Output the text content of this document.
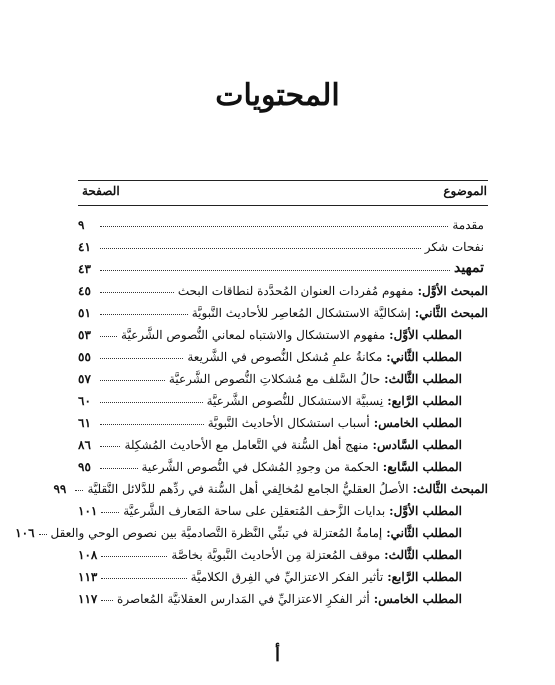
المحتويات
الموضوع
الصفحة
مقدمة
٩
نفحات شكر
٤١
تمهيد
٤٣
المبحث الأوَّل:
مفهوم مُفردات العنوان المُحدَّدة لنطاقات البحث
٤٥
المبحث الثَّاني:
إشكاليَّة الاستشكال المُعاصِر للأحاديث النَّبويَّة
٥١
المطلب الأوَّل:
مفهوم الاستشكال والاشتباه لمعاني النُّصوص الشَّرعيَّة
٥٣
المطلب الثَّاني:
مكانةُ علمِ مُشكل النُّصوص في الشَّريعة
٥٥
المطلب الثَّالث:
حالُ السَّلف مع مُشكلاتِ النُّصوص الشَّرعيَّة
٥٧
المطلب الرَّابع:
نِسبيَّة الاستشكال للنُّصوص الشَّرعيَّة
٦٠
المطلب الخامس:
أسباب استشكال الأحاديث النَّبويَّة
٦١
المطلب السَّادس:
منهج أهل السُّنة في التَّعامل مع الأحاديث المُشكِلة
٨٦
المطلب السَّابع:
الحكمة من وجودِ المُشكل في النُّصوص الشَّرعية
٩٥
المبحث الثَّالث:
الأصلُ العقليُّ الجامع لمُخالِفي أهل السُّنة في ردِّهم للدَّلائل النَّقليَّة
٩٩
المطلب الأوَّل:
بدايات الزَّحف المُتعقلِن على ساحة المَعارف الشَّرعيَّة
١٠١
المطلب الثَّاني:
إمامةُ المُعتزلة في تبنِّي النَّظرة التَّصادميَّة بين نصوص الوحي والعقل
١٠٦
المطلب الثَّالث:
موقف المُعتزلة مِن الأحاديث النَّبويَّة بخاصَّة
١٠٨
المطلب الرَّابع:
تأثير الفكر الاعتزاليِّ في الفِرق الكلاميَّة
١١٣
المطلب الخامس:
أثر الفكرِ الاعتزاليِّ في المَدارس العقلانيَّة المُعاصرة
١١٧
أ
